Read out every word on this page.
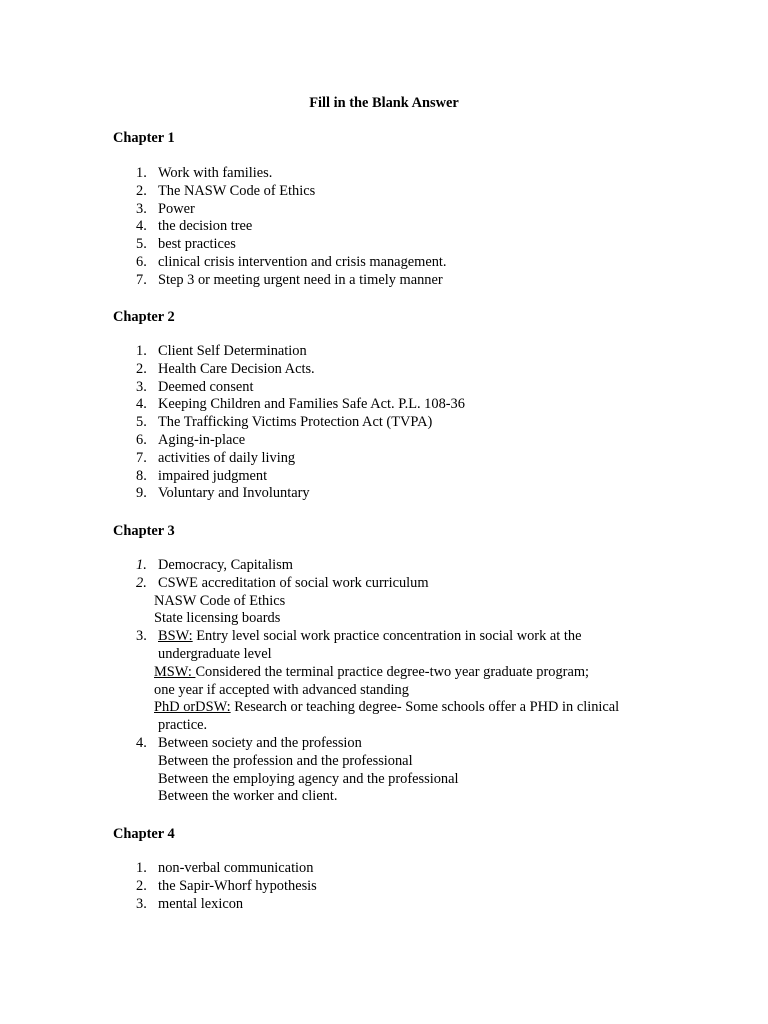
Fill in the Blank Answer
Chapter 1
1. Work with families.
2. The NASW Code of Ethics
3. Power
4. the decision tree
5. best practices
6. clinical crisis intervention and crisis management.
7. Step 3 or meeting urgent need in a timely manner
Chapter 2
1. Client Self Determination
2. Health Care Decision Acts.
3. Deemed consent
4. Keeping Children and Families Safe Act. P.L. 108-36
5. The Trafficking Victims Protection Act (TVPA)
6. Aging-in-place
7. activities of daily living
8. impaired judgment
9. Voluntary and Involuntary
Chapter 3
1. Democracy, Capitalism
2. CSWE accreditation of social work curriculum
NASW Code of Ethics
State licensing boards
3. BSW: Entry level social work practice concentration in social work at the
undergraduate level
MSW: Considered the terminal practice degree-two year graduate program;
one year if accepted with advanced standing
PhD orDSW: Research or teaching degree- Some schools offer a PHD in clinical
practice.
4. Between society and the profession
Between the profession and the professional
Between the employing agency and the professional
Between the worker and client.
Chapter 4
1. non-verbal communication
2. the Sapir-Whorf hypothesis
3. mental lexicon
